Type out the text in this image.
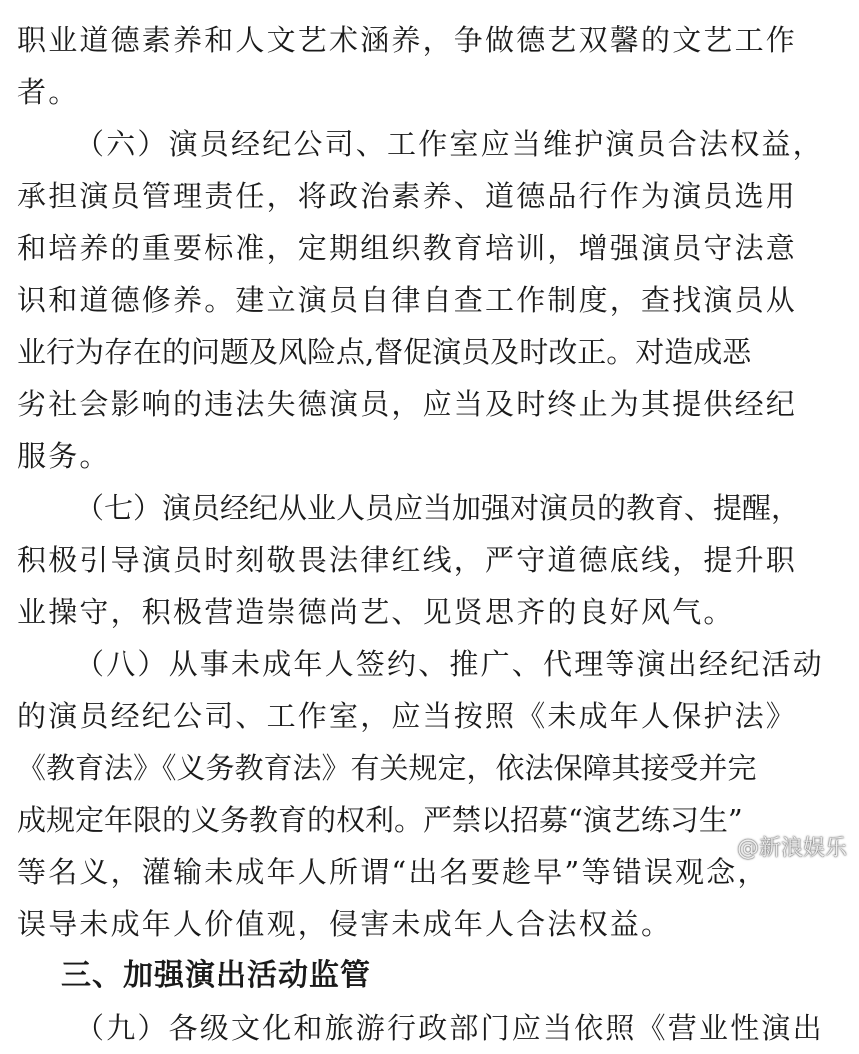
职业道德素养和人文艺术涵养，争做德艺双馨的文艺工作
者。
（六）演员经纪公司、工作室应当维护演员合法权益，
承担演员管理责任，将政治素养、道德品行作为演员选用
和培养的重要标准，定期组织教育培训，增强演员守法意
识和道德修养。建立演员自律自查工作制度，查找演员从
业行为存在的问题及风险点,督促演员及时改正。对造成恶
劣社会影响的违法失德演员，应当及时终止为其提供经纪
服务。
（七）演员经纪从业人员应当加强对演员的教育、提醒，
积极引导演员时刻敬畏法律红线，严守道德底线，提升职
业操守，积极营造崇德尚艺、见贤思齐的良好风气。
（八）从事未成年人签约、推广、代理等演出经纪活动
的演员经纪公司、工作室，应当按照《未成年人保护法》
《教育法》《义务教育法》有关规定，依法保障其接受并完
成规定年限的义务教育的权利。严禁以招募“演艺练习生”
等名义，灌输未成年人所谓“出名要趁早”等错误观念，
误导未成年人价值观，侵害未成年人合法权益。
三、加强演出活动监管
（九）各级文化和旅游行政部门应当依照《营业性演出
@新浪娱乐
